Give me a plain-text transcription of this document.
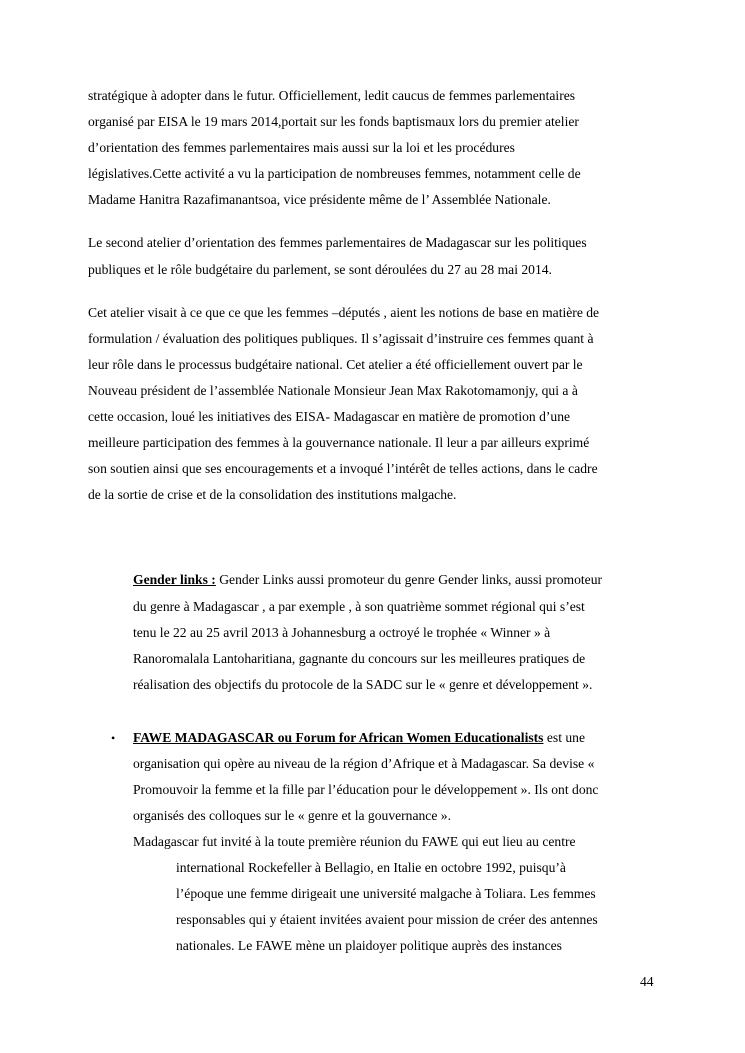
stratégique à adopter dans le futur. Officiellement, ledit caucus de femmes parlementaires
organisé par EISA le 19 mars 2014,portait sur les fonds baptismaux lors du premier atelier
d’orientation des femmes parlementaires mais aussi sur la loi et les procédures
législatives.Cette activité a vu la participation de nombreuses femmes, notamment celle de
Madame Hanitra Razafimanantsoa, vice présidente même de l’ Assemblée Nationale.
Le second atelier d’orientation des femmes parlementaires de Madagascar sur les politiques
publiques et le rôle budgétaire du parlement, se sont déroulées du 27 au 28 mai 2014.
Cet atelier visait à ce que ce que les femmes –députés , aient les notions de base en matière de
formulation / évaluation des politiques publiques. Il s’agissait d’instruire ces femmes quant à
leur rôle dans le processus budgétaire national. Cet atelier a été officiellement ouvert par le
Nouveau président de l’assemblée Nationale Monsieur Jean Max Rakotomamonjy, qui a à
cette occasion, loué les initiatives des EISA- Madagascar en matière de promotion d’une
meilleure participation des femmes à la gouvernance nationale. Il leur a par ailleurs exprimé
son soutien ainsi que ses encouragements et a invoqué l’intérêt de telles actions, dans le cadre
de la sortie de crise et de la consolidation des institutions malgache.
Gender links : Gender Links aussi promoteur du genre Gender links, aussi promoteur
du genre à Madagascar , a par exemple , à son quatrième sommet régional qui s’est
tenu le 22 au 25 avril 2013 à Johannesburg a octroyé le trophée « Winner » à
Ranoromalala Lantoharitiana, gagnante du concours sur les meilleures pratiques de
réalisation des objectifs du protocole de la SADC sur le « genre et développement ».
• FAWE MADAGASCAR ou Forum for African Women Educationalists est une
organisation qui opère au niveau de la région d’Afrique et à Madagascar. Sa devise «
Promouvoir la femme et la fille par l’éducation pour le développement ». Ils ont donc
organisés des colloques sur le « genre et la gouvernance ».
Madagascar fut invité à la toute première réunion du FAWE qui eut lieu au centre
international Rockefeller à Bellagio, en Italie en octobre 1992, puisqu’à
l’époque une femme dirigeait une université malgache à Toliara. Les femmes
responsables qui y étaient invitées avaient pour mission de créer des antennes
nationales. Le FAWE mène un plaidoyer politique auprès des instances
44
